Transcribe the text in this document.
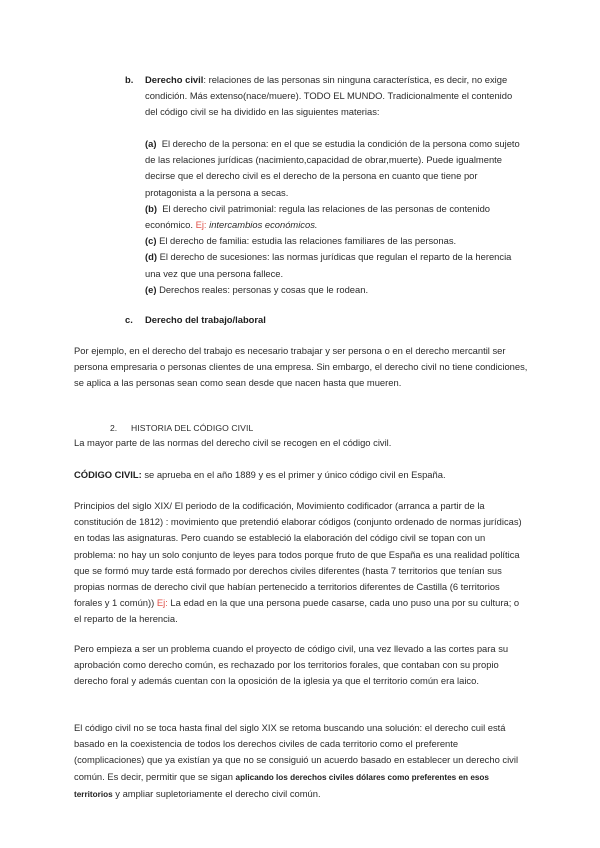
b. Derecho civil: relaciones de las personas sin ninguna característica, es decir, no exige condición. Más extenso(nace/muere). TODO EL MUNDO. Tradicionalmente el contenido del código civil se ha dividido en las siguientes materias:

(a) El derecho de la persona: en el que se estudia la condición de la persona como sujeto de las relaciones jurídicas (nacimiento,capacidad de obrar,muerte). Puede igualmente decirse que el derecho civil es el derecho de la persona en cuanto que tiene por protagonista a la persona a secas.

(b) El derecho civil patrimonial: regula las relaciones de las personas de contenido económico. Ej: intercambios económicos.

(c) El derecho de familia: estudia las relaciones familiares de las personas.

(d) El derecho de sucesiones: las normas jurídicas que regulan el reparto de la herencia una vez que una persona fallece.

(e) Derechos reales: personas y cosas que le rodean.

c. Derecho del trabajo/laboral
Por ejemplo, en el derecho del trabajo es necesario trabajar y ser persona o en el derecho mercantil ser persona empresaria o personas clientes de una empresa. Sin embargo, el derecho civil no tiene condiciones, se aplica a las personas sean como sean desde que nacen hasta que mueren.
2. HISTORIA DEL CÓDIGO CIVIL
La mayor parte de las normas del derecho civil se recogen en el código civil.
CÓDIGO CIVIL: se aprueba en el año 1889 y es el primer y único código civil en España.
Principios del siglo XIX/ El periodo de la codificación, Movimiento codificador (arranca a partir de la constitución de 1812) : movimiento que pretendió elaborar códigos (conjunto ordenado de normas jurídicas) en todas las asignaturas. Pero cuando se estableció la elaboración del código civil se topan con un problema: no hay un solo conjunto de leyes para todos porque fruto de que España es una realidad política que se formó muy tarde está formado por derechos civiles diferentes (hasta 7 territorios que tenían sus propias normas de derecho civil que habían pertenecido a territorios diferentes de Castilla (6 territorios forales y 1 común)) Ej: La edad en la que una persona puede casarse, cada uno puso una por su cultura; o el reparto de la herencia.
Pero empieza a ser un problema cuando el proyecto de código civil, una vez llevado a las cortes para su aprobación como derecho común, es rechazado por los territorios forales, que contaban con su propio derecho foral y además cuentan con la oposición de la iglesia ya que el territorio común era laico.
El código civil no se toca hasta final del siglo XIX se retoma buscando una solución: el derecho cuil está basado en la coexistencia de todos los derechos civiles de cada territorio como el preferente (complicaciones) que ya existían ya que no se consiguió un acuerdo basado en establecer un derecho civil común. Es decir, permitir que se sigan aplicando los derechos civiles dólares como preferentes en esos territorios y ampliar supletoriamente el derecho civil común.
